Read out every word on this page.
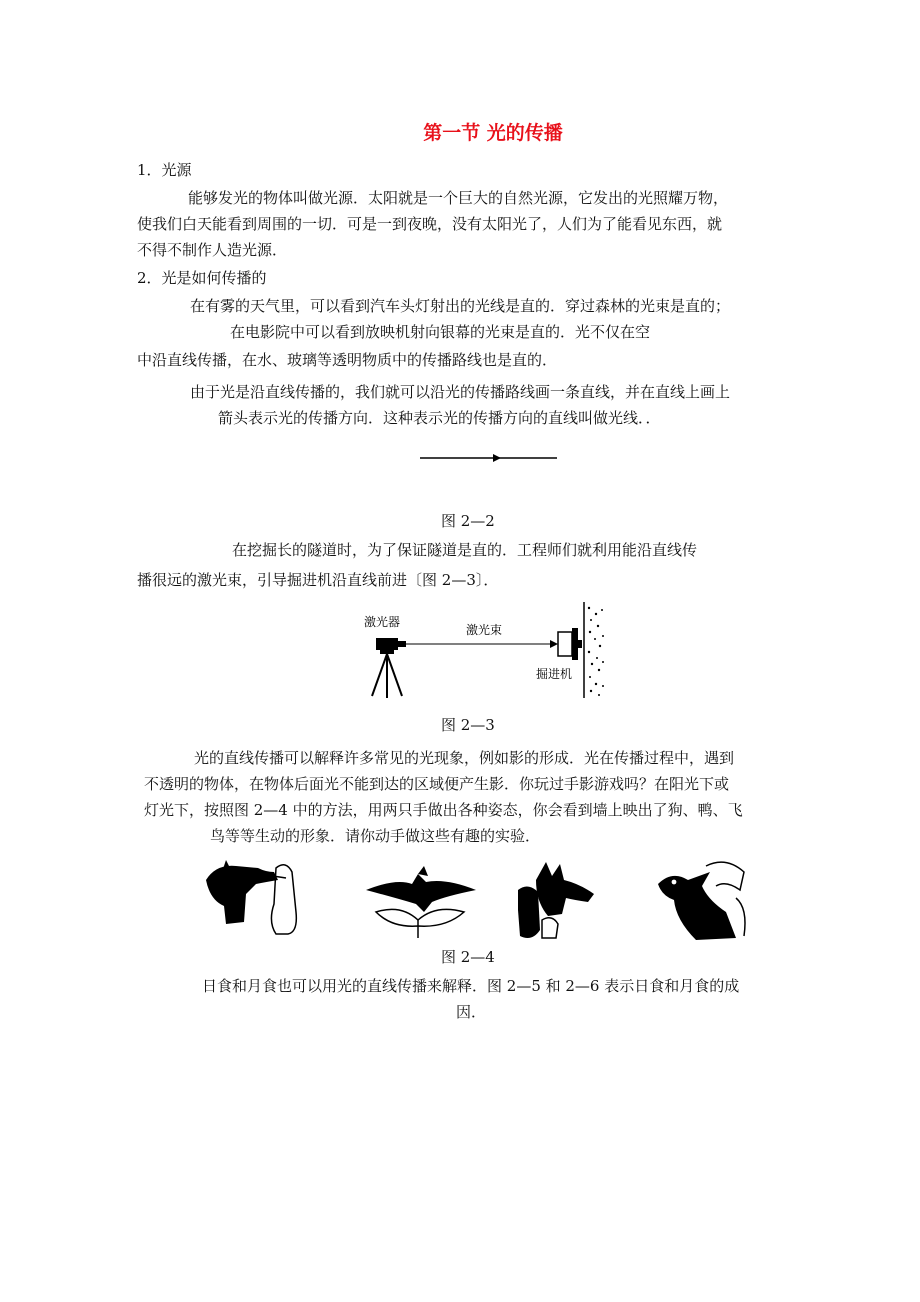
第一节 光的传播
1．光源
能够发光的物体叫做光源．太阳就是一个巨大的自然光源，它发出的光照耀万物，
使我们白天能看到周围的一切．可是一到夜晚，没有太阳光了，人们为了能看见东西，就
不得不制作人造光源．
2．光是如何传播的
在有雾的天气里，可以看到汽车头灯射出的光线是直的．穿过森林的光束是直的；
在电影院中可以看到放映机射向银幕的光束是直的．光不仅在空
中沿直线传播，在水、玻璃等透明物质中的传播路线也是直的．
由于光是沿直线传播的，我们就可以沿光的传播路线画一条直线，并在直线上画上
箭头表示光的传播方向．这种表示光的传播方向的直线叫做光线．．
图 2—2
在挖掘长的隧道时，为了保证隧道是直的．工程师们就利用能沿直线传
播很远的激光束，引导掘进机沿直线前进〔图 2—3〕．
激光器
激光束
掘进机
图 2—3
光的直线传播可以解释许多常见的光现象，例如影的形成．光在传播过程中，遇到
不透明的物体，在物体后面光不能到达的区域便产生影．你玩过手影游戏吗？在阳光下或
灯光下，按照图 2—4 中的方法，用两只手做出各种姿态，你会看到墙上映出了狗、鸭、飞
鸟等等生动的形象．请你动手做这些有趣的实验．
图 2—4
日食和月食也可以用光的直线传播来解释．图 2—5 和 2—6 表示日食和月食的成
因．
